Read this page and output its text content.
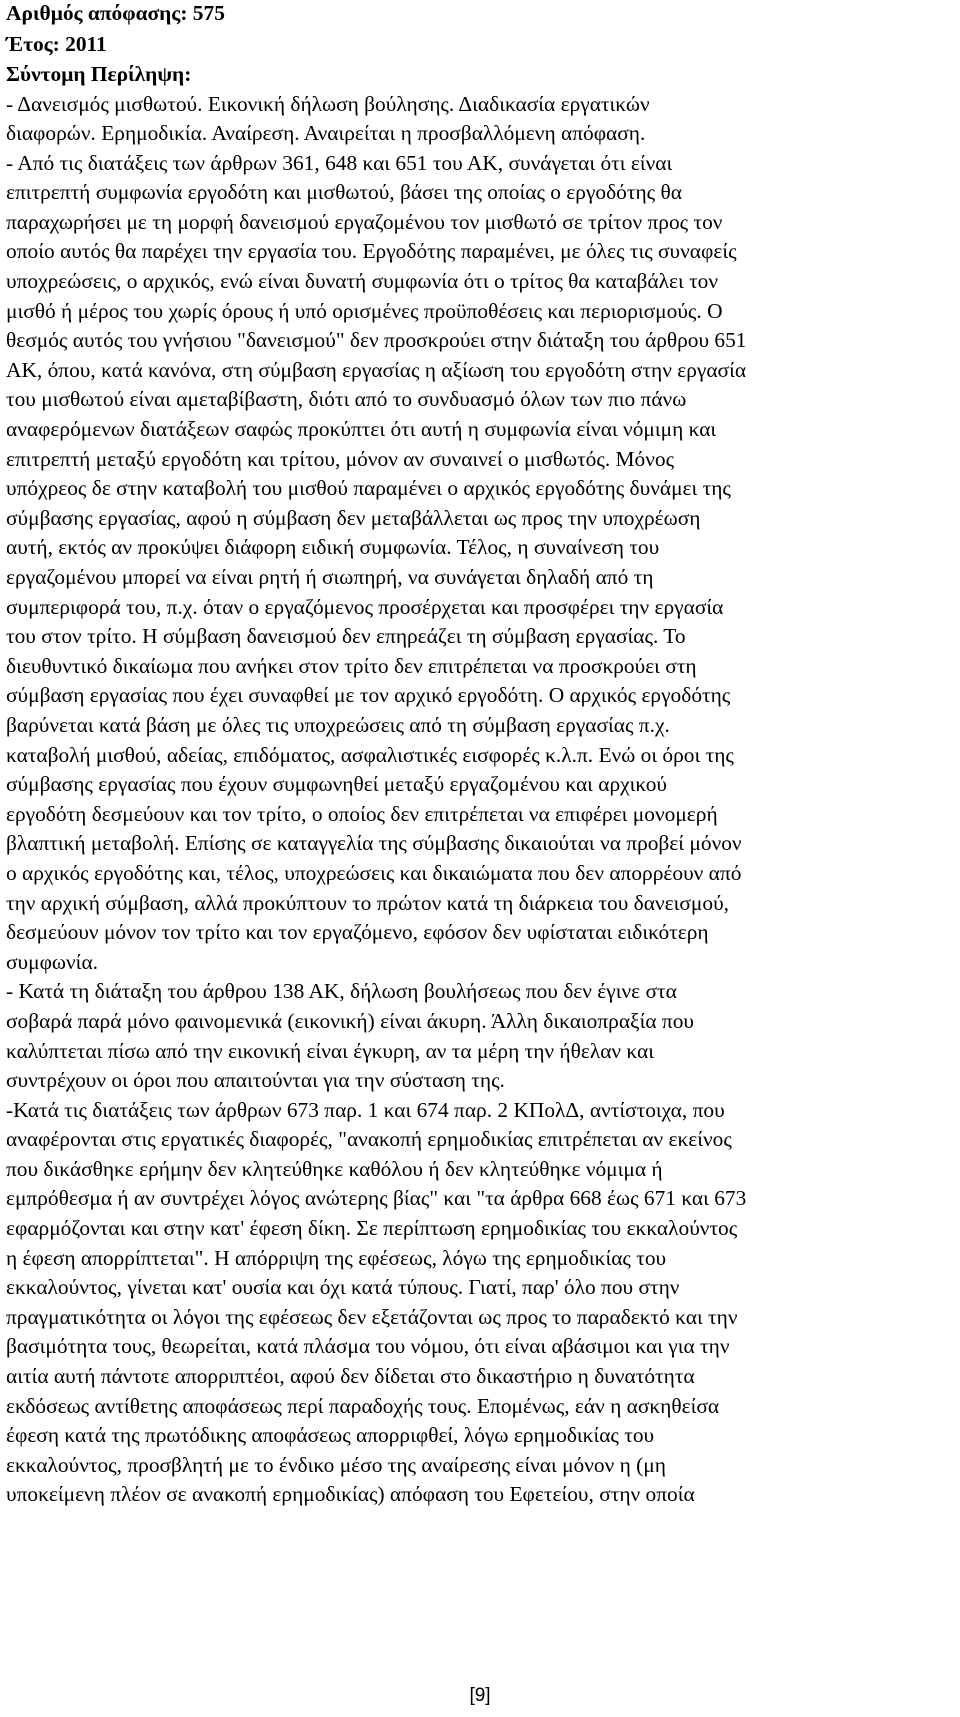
Αριθμός απόφασης: 575
Έτος: 2011
Σύντομη Περίληψη:
- Δανεισμός μισθωτού. Εικονική δήλωση βούλησης. Διαδικασία εργατικών
διαφορών. Ερημοδικία. Αναίρεση. Αναιρείται η προσβαλλόμενη απόφαση.
- Από τις διατάξεις των άρθρων 361, 648 και 651 του ΑΚ, συνάγεται ότι είναι
επιτρεπτή συμφωνία εργοδότη και μισθωτού, βάσει της οποίας ο εργοδότης θα
παραχωρήσει με τη μορφή δανεισμού εργαζομένου τον μισθωτό σε τρίτον προς τον
οποίο αυτός θα παρέχει την εργασία του. Εργοδότης παραμένει, με όλες τις συναφείς
υποχρεώσεις, ο αρχικός, ενώ είναι δυνατή συμφωνία ότι ο τρίτος θα καταβάλει τον
μισθό ή μέρος του χωρίς όρους ή υπό ορισμένες προϋποθέσεις και περιορισμούς. Ο
θεσμός αυτός του γνήσιου "δανεισμού" δεν προσκρούει στην διάταξη του άρθρου 651
ΑΚ, όπου, κατά κανόνα, στη σύμβαση εργασίας η αξίωση του εργοδότη στην εργασία
του μισθωτού είναι αμεταβίβαστη, διότι από το συνδυασμό όλων των πιο πάνω
αναφερόμενων διατάξεων σαφώς προκύπτει ότι αυτή η συμφωνία είναι νόμιμη και
επιτρεπτή μεταξύ εργοδότη και τρίτου, μόνον αν συναινεί ο μισθωτός. Μόνος
υπόχρεος δε στην καταβολή του μισθού παραμένει ο αρχικός εργοδότης δυνάμει της
σύμβασης εργασίας, αφού η σύμβαση δεν μεταβάλλεται ως προς την υποχρέωση
αυτή, εκτός αν προκύψει διάφορη ειδική συμφωνία. Τέλος, η συναίνεση του
εργαζομένου μπορεί να είναι ρητή ή σιωπηρή, να συνάγεται δηλαδή από τη
συμπεριφορά του, π.χ. όταν ο εργαζόμενος προσέρχεται και προσφέρει την εργασία
του στον τρίτο. Η σύμβαση δανεισμού δεν επηρεάζει τη σύμβαση εργασίας. Το
διευθυντικό δικαίωμα που ανήκει στον τρίτο δεν επιτρέπεται να προσκρούει στη
σύμβαση εργασίας που έχει συναφθεί με τον αρχικό εργοδότη. Ο αρχικός εργοδότης
βαρύνεται κατά βάση με όλες τις υποχρεώσεις από τη σύμβαση εργασίας π.χ.
καταβολή μισθού, αδείας, επιδόματος, ασφαλιστικές εισφορές κ.λ.π. Ενώ οι όροι της
σύμβασης εργασίας που έχουν συμφωνηθεί μεταξύ εργαζομένου και αρχικού
εργοδότη δεσμεύουν και τον τρίτο, ο οποίος δεν επιτρέπεται να επιφέρει μονομερή
βλαπτική μεταβολή. Επίσης σε καταγγελία της σύμβασης δικαιούται να προβεί μόνον
ο αρχικός εργοδότης και, τέλος, υποχρεώσεις και δικαιώματα που δεν απορρέουν από
την αρχική σύμβαση, αλλά προκύπτουν το πρώτον κατά τη διάρκεια του δανεισμού,
δεσμεύουν μόνον τον τρίτο και τον εργαζόμενο, εφόσον δεν υφίσταται ειδικότερη
συμφωνία.
- Κατά τη διάταξη του άρθρου 138 ΑΚ, δήλωση βουλήσεως που δεν έγινε στα
σοβαρά παρά μόνο φαινομενικά (εικονική) είναι άκυρη. Άλλη δικαιοπραξία που
καλύπτεται πίσω από την εικονική είναι έγκυρη, αν τα μέρη την ήθελαν και
συντρέχουν οι όροι που απαιτούνται για την σύσταση της.
-Κατά τις διατάξεις των άρθρων 673 παρ. 1 και 674 παρ. 2 ΚΠολΔ, αντίστοιχα, που
αναφέρονται στις εργατικές διαφορές, "ανακοπή ερημοδικίας επιτρέπεται αν εκείνος
που δικάσθηκε ερήμην δεν κλητεύθηκε καθόλου ή δεν κλητεύθηκε νόμιμα ή
εμπρόθεσμα ή αν συντρέχει λόγος ανώτερης βίας" και "τα άρθρα 668 έως 671 και 673
εφαρμόζονται και στην κατ' έφεση δίκη. Σε περίπτωση ερημοδικίας του εκκαλούντος
η έφεση απορρίπτεται". Η απόρριψη της εφέσεως, λόγω της ερημοδικίας του
εκκαλούντος, γίνεται κατ' ουσία και όχι κατά τύπους. Γιατί, παρ' όλο που στην
πραγματικότητα οι λόγοι της εφέσεως δεν εξετάζονται ως προς το παραδεκτό και την
βασιμότητα τους, θεωρείται, κατά πλάσμα του νόμου, ότι είναι αβάσιμοι και για την
αιτία αυτή πάντοτε απορριπτέοι, αφού δεν δίδεται στο δικαστήριο η δυνατότητα
εκδόσεως αντίθετης αποφάσεως περί παραδοχής τους. Επομένως, εάν η ασκηθείσα
έφεση κατά της πρωτόδικης αποφάσεως απορριφθεί, λόγω ερημοδικίας του
εκκαλούντος, προσβλητή με το ένδικο μέσο της αναίρεσης είναι μόνον η (μη
υποκείμενη πλέον σε ανακοπή ερημοδικίας) απόφαση του Εφετείου, στην οποία
[9]
